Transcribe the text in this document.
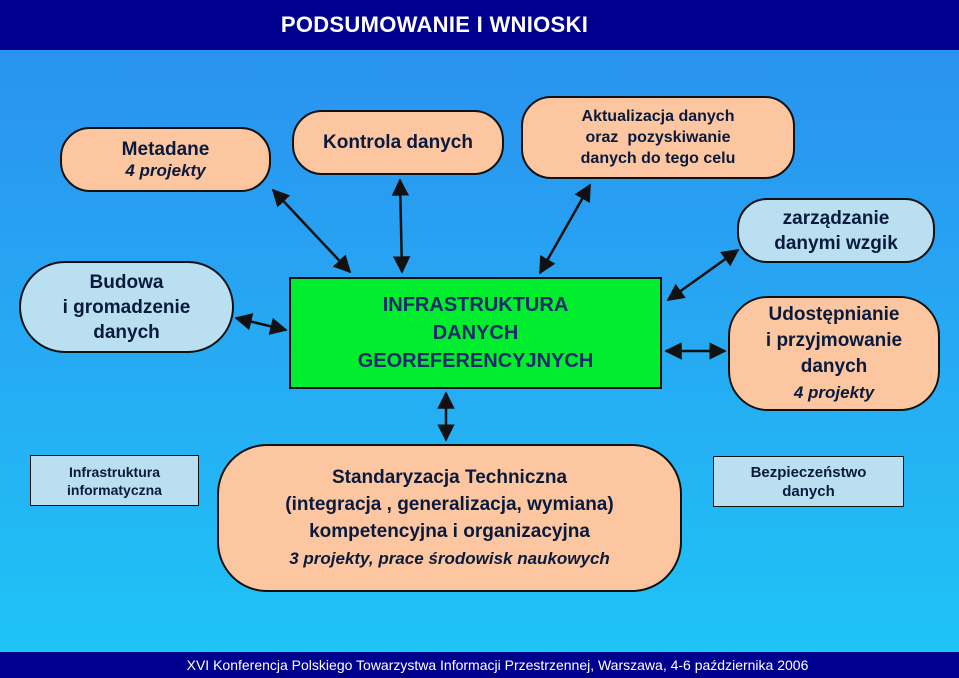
PODSUMOWANIE I WNIOSKI
Metadane
4 projekty
Kontrola danych
Aktualizacja danych
oraz  pozyskiwanie
danych do tego celu
zarządzanie
danymi wzgik
Budowa
i gromadzenie
danych
INFRASTRUKTURA
DANYCH
GEOREFERENCYJNYCH
Udostępnianie
i przyjmowanie
danych
4 projekty
Infrastruktura
informatyczna
Standaryzacja Techniczna
(integracja , generalizacja, wymiana)
kompetencyjna i organizacyjna
3 projekty, prace środowisk naukowych
Bezpieczeństwo
danych
XVI Konferencja Polskiego Towarzystwa Informacji Przestrzennej, Warszawa, 4-6 października 2006
